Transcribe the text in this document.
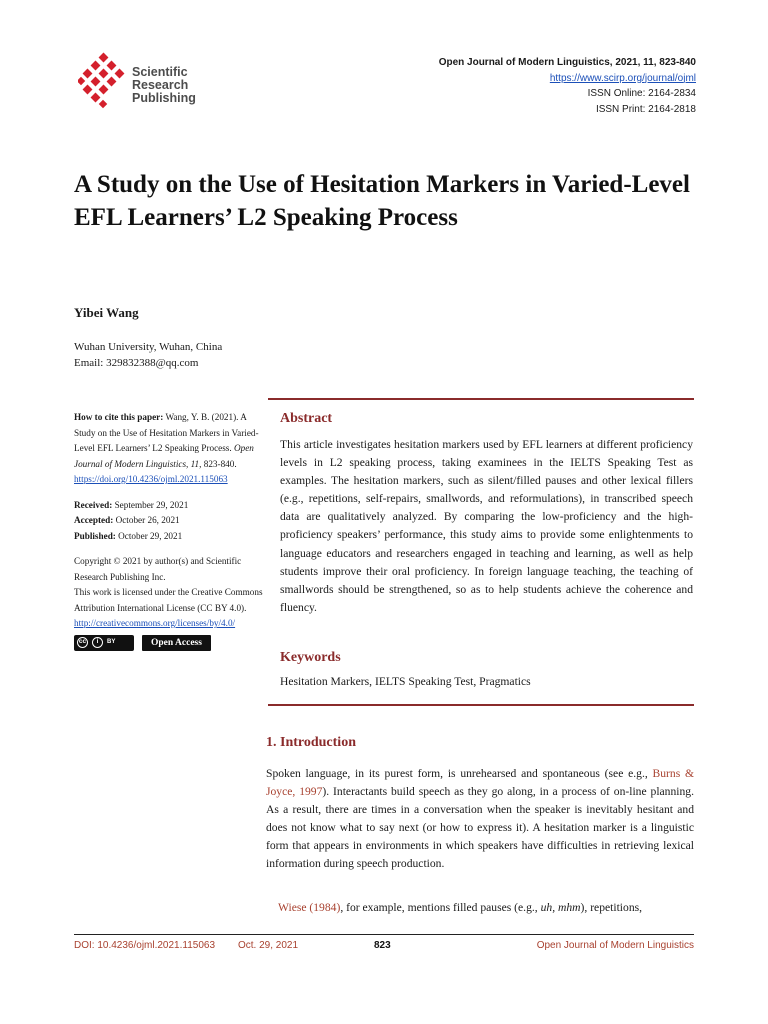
Scientific
Research
Publishing
Open Journal of Modern Linguistics, 2021, 11, 823-840
https://www.scirp.org/journal/ojml
ISSN Online: 2164-2834
ISSN Print: 2164-2818
A Study on the Use of Hesitation Markers in Varied-Level EFL Learners’ L2 Speaking Process
Yibei Wang
Wuhan University, Wuhan, China
Email: 329832388@qq.com

How to cite this paper: Wang, Y. B. (2021). A Study on the Use of Hesitation Markers in Varied-Level EFL Learners’ L2 Speaking Process. Open Journal of Modern Linguistics, 11, 823-840.
https://doi.org/10.4236/ojml.2021.115063

Received: September 29, 2021

Accepted: October 26, 2021

Published: October 29, 2021

Copyright © 2021 by author(s) and Scientific Research Publishing Inc.

This work is licensed under the Creative Commons Attribution International License (CC BY 4.0).

http://creativecommons.org/licenses/by/4.0/

cc	i	BY	Open Access
Abstract

This article investigates hesitation markers used by EFL learners at different proficiency levels in L2 speaking process, taking examinees in the IELTS Speaking Test as examples. The hesitation markers, such as silent/filled pauses and other lexical fillers (e.g., repetitions, self-repairs, smallwords, and reformulations), in transcribed speech data are qualitatively analyzed. By comparing the low-proficiency and the high-proficiency speakers’ performance, this study aims to provide some enlightenments to language educators and researchers engaged in teaching and learning, as well as help students improve their oral proficiency. In foreign language teaching, the teaching of smallwords should be strengthened, so as to help students achieve the coherence and fluency.

Keywords
Hesitation Markers, IELTS Speaking Test, Pragmatics
1. Introduction

Spoken language, in its purest form, is unrehearsed and spontaneous (see e.g., Burns & Joyce, 1997). Interactants build speech as they go along, in a process of on-line planning. As a result, there are times in a conversation when the speaker is inevitably hesitant and does not know what to say next (or how to express it). A hesitation marker is a linguistic form that appears in environments in which speakers have difficulties in retrieving lexical information during speech production.

Wiese (1984), for example, mentions filled pauses (e.g., uh, mhm), repetitions,

DOI: 10.4236/ojml.2021.115063 Oct. 29, 2021	823	Open Journal of Modern Linguistics
